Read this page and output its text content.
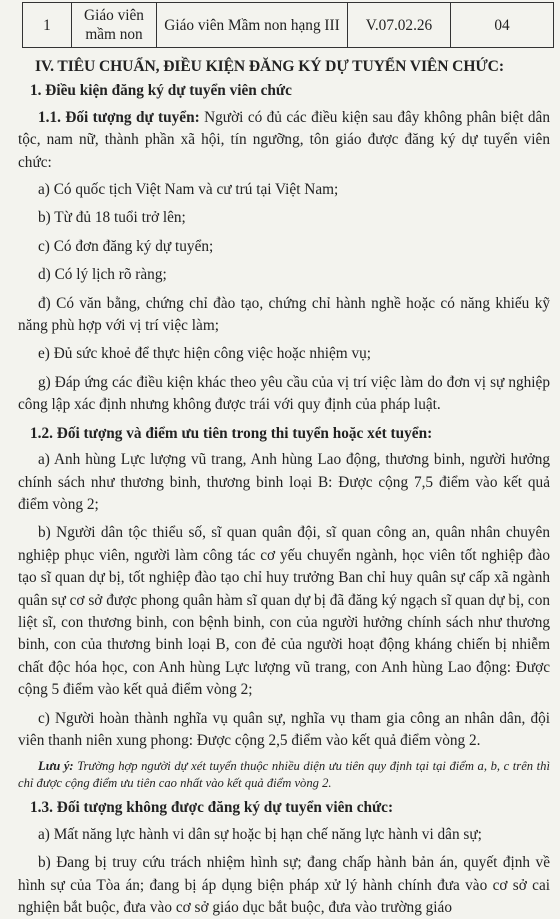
1	Giáo viên mầm non	Giáo viên Mầm non hạng III	V.07.02.26	04
IV. TIÊU CHUẨN, ĐIỀU KIỆN ĐĂNG KÝ DỰ TUYỂN VIÊN CHỨC:
1. Điều kiện đăng ký dự tuyển viên chức
1.1. Đối tượng dự tuyển: Người có đủ các điều kiện sau đây không phân biệt dân tộc, nam nữ, thành phần xã hội, tín ngưỡng, tôn giáo được đăng ký dự tuyển viên chức:
a) Có quốc tịch Việt Nam và cư trú tại Việt Nam;
b) Từ đủ 18 tuổi trở lên;
c) Có đơn đăng ký dự tuyển;
d) Có lý lịch rõ ràng;
đ) Có văn bằng, chứng chỉ đào tạo, chứng chỉ hành nghề hoặc có năng khiếu kỹ năng phù hợp với vị trí việc làm;
e) Đủ sức khoẻ để thực hiện công việc hoặc nhiệm vụ;
g) Đáp ứng các điều kiện khác theo yêu cầu của vị trí việc làm do đơn vị sự nghiệp công lập xác định nhưng không được trái với quy định của pháp luật.
1.2. Đối tượng và điểm ưu tiên trong thi tuyển hoặc xét tuyển:
a) Anh hùng Lực lượng vũ trang, Anh hùng Lao động, thương binh, người hưởng chính sách như thương binh, thương binh loại B: Được cộng 7,5 điểm vào kết quả điểm vòng 2;
b) Người dân tộc thiểu số, sĩ quan quân đội, sĩ quan công an, quân nhân chuyên nghiệp phục viên, người làm công tác cơ yếu chuyển ngành, học viên tốt nghiệp đào tạo sĩ quan dự bị, tốt nghiệp đào tạo chỉ huy trưởng Ban chỉ huy quân sự cấp xã ngành quân sự cơ sở được phong quân hàm sĩ quan dự bị đã đăng ký ngạch sĩ quan dự bị, con liệt sĩ, con thương binh, con bệnh binh, con của người hưởng chính sách như thương binh, con của thương binh loại B, con đẻ của người hoạt động kháng chiến bị nhiễm chất độc hóa học, con Anh hùng Lực lượng vũ trang, con Anh hùng Lao động: Được cộng 5 điểm vào kết quả điểm vòng 2;
c) Người hoàn thành nghĩa vụ quân sự, nghĩa vụ tham gia công an nhân dân, đội viên thanh niên xung phong: Được cộng 2,5 điểm vào kết quả điểm vòng 2.
Lưu ý: Trường hợp người dự xét tuyển thuộc nhiều diện ưu tiên quy định tại tại điểm a, b, c trên thì chỉ được cộng điểm ưu tiên cao nhất vào kết quả điểm vòng 2.
1.3. Đối tượng không được đăng ký dự tuyển viên chức:
a) Mất năng lực hành vi dân sự hoặc bị hạn chế năng lực hành vi dân sự;
b) Đang bị truy cứu trách nhiệm hình sự; đang chấp hành bản án, quyết định về hình sự của Tòa án; đang bị áp dụng biện pháp xử lý hành chính đưa vào cơ sở cai nghiện bắt buộc, đưa vào cơ sở giáo dục bắt buộc, đưa vào trường giáo
